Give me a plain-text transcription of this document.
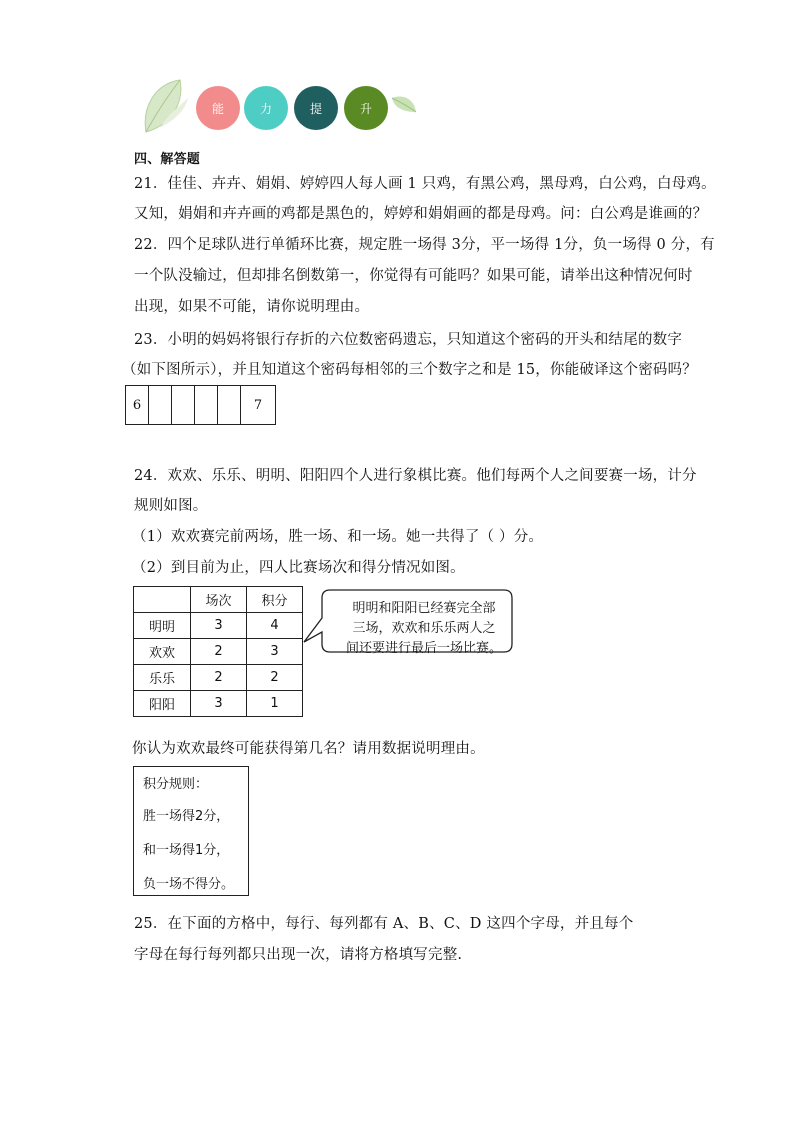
能	力	提	升
四、解答题
21．佳佳、卉卉、娟娟、婷婷四人每人画 1 只鸡，有黑公鸡，黑母鸡，白公鸡，白母鸡。
又知，娟娟和卉卉画的鸡都是黑色的，婷婷和娟娟画的都是母鸡。问：白公鸡是谁画的？
22．四个足球队进行单循环比赛，规定胜一场得 3分，平一场得 1分，负一场得 0 分，有
一个队没输过，但却排名倒数第一，你觉得有可能吗？如果可能，请举出这种情况何时
出现，如果不可能，请你说明理由。
23．小明的妈妈将银行存折的六位数密码遗忘，只知道这个密码的开头和结尾的数字
（如下图所示），并且知道这个密码每相邻的三个数字之和是 15，你能破译这个密码吗？
6					7
24．欢欢、乐乐、明明、阳阳四个人进行象棋比赛。他们每两个人之间要赛一场，计分
规则如图。
（1）欢欢赛完前两场，胜一场、和一场。她一共得了（ ）分。
（2）到目前为止，四人比赛场次和得分情况如图。
	场次	积分
明明	3	4
欢欢	2	3
乐乐	2	2
阳阳	3	1
明明和阳阳已经赛完全部
三场，欢欢和乐乐两人之
间还要进行最后一场比赛。
你认为欢欢最终可能获得第几名？请用数据说明理由。
积分规则：
胜一场得2分，
和一场得1分，
负一场不得分。
25．在下面的方格中，每行、每列都有 A、B、C、D 这四个字母，并且每个
字母在每行每列都只出现一次，请将方格填写完整.
